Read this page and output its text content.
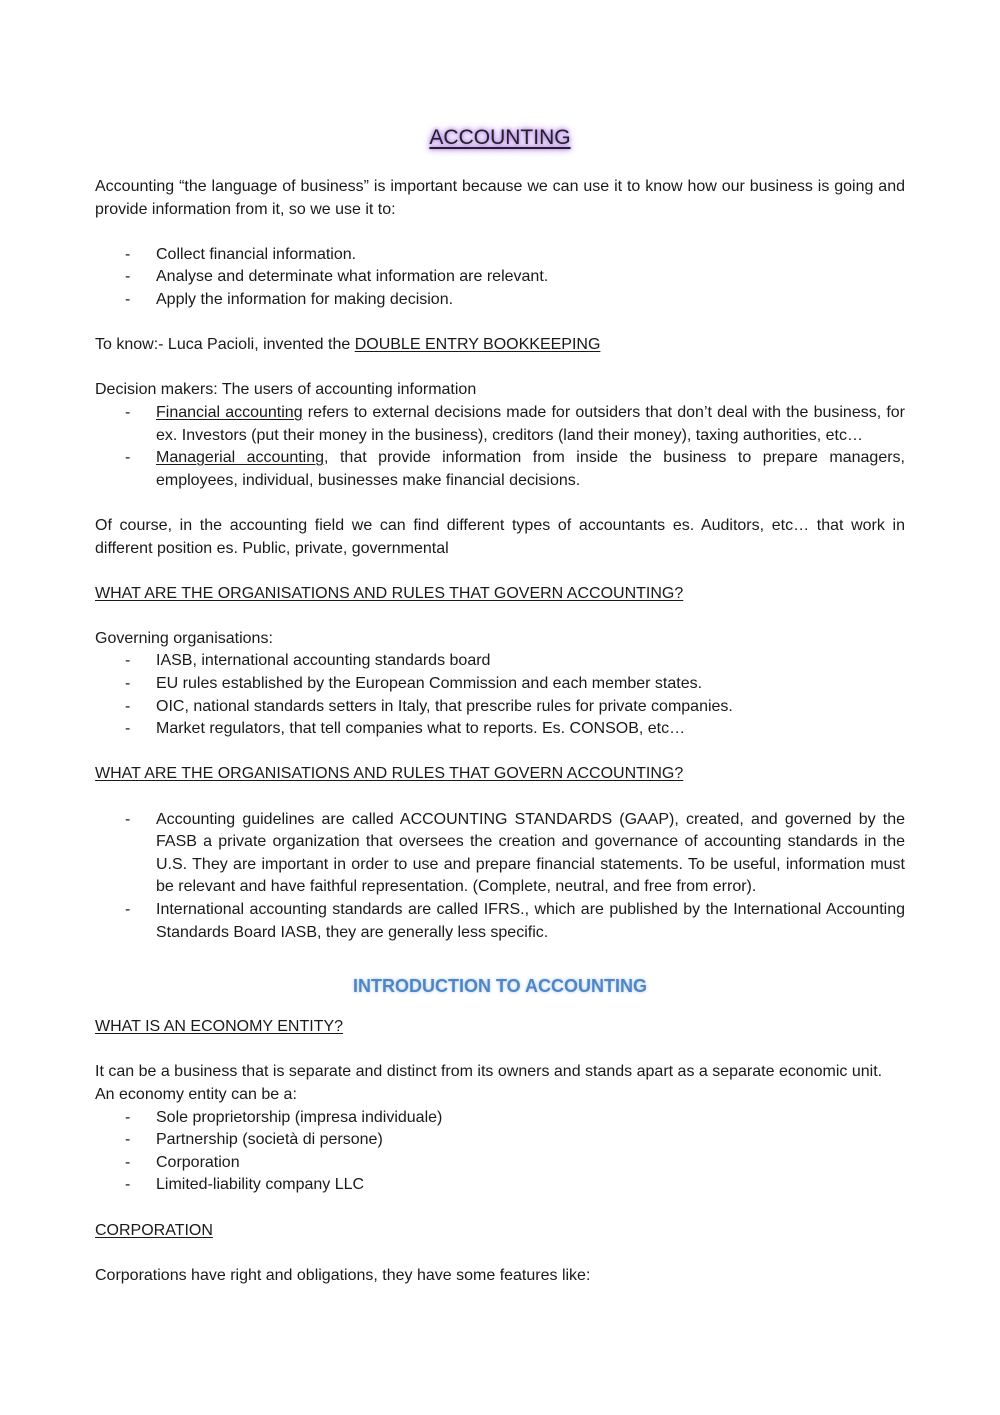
ACCOUNTING

Accounting “the language of business” is important because we can use it to know how our business is going and provide information from it, so we use it to:

- Collect financial information.
- Analyse and determinate what information are relevant.
- Apply the information for making decision.

To know:- Luca Pacioli, invented the DOUBLE ENTRY BOOKKEEPING

Decision makers: The users of accounting information

- Financial accounting refers to external decisions made for outsiders that don’t deal with the business, for ex. Investors (put their money in the business), creditors (land their money), taxing authorities, etc…
- Managerial accounting, that provide information from inside the business to prepare managers, employees, individual, businesses make financial decisions.

Of course, in the accounting field we can find different types of accountants es. Auditors, etc… that work in different position es. Public, private, governmental

WHAT ARE THE ORGANISATIONS AND RULES THAT GOVERN ACCOUNTING?

Governing organisations:

- IASB, international accounting standards board
- EU rules established by the European Commission and each member states.
- OIC, national standards setters in Italy, that prescribe rules for private companies.
- Market regulators, that tell companies what to reports. Es. CONSOB, etc…

WHAT ARE THE ORGANISATIONS AND RULES THAT GOVERN ACCOUNTING?

- Accounting guidelines are called ACCOUNTING STANDARDS (GAAP), created, and governed by the FASB a private organization that oversees the creation and governance of accounting standards in the U.S. They are important in order to use and prepare financial statements. To be useful, information must be relevant and have faithful representation. (Complete, neutral, and free from error).
- International accounting standards are called IFRS., which are published by the International Accounting Standards Board IASB, they are generally less specific.
INTRODUCTION TO ACCOUNTING

WHAT IS AN ECONOMY ENTITY?

It can be a business that is separate and distinct from its owners and stands apart as a separate economic unit.

An economy entity can be a:

- Sole proprietorship (impresa individuale)
- Partnership (società di persone)
- Corporation
- Limited-liability company LLC

CORPORATION

Corporations have right and obligations, they have some features like:
